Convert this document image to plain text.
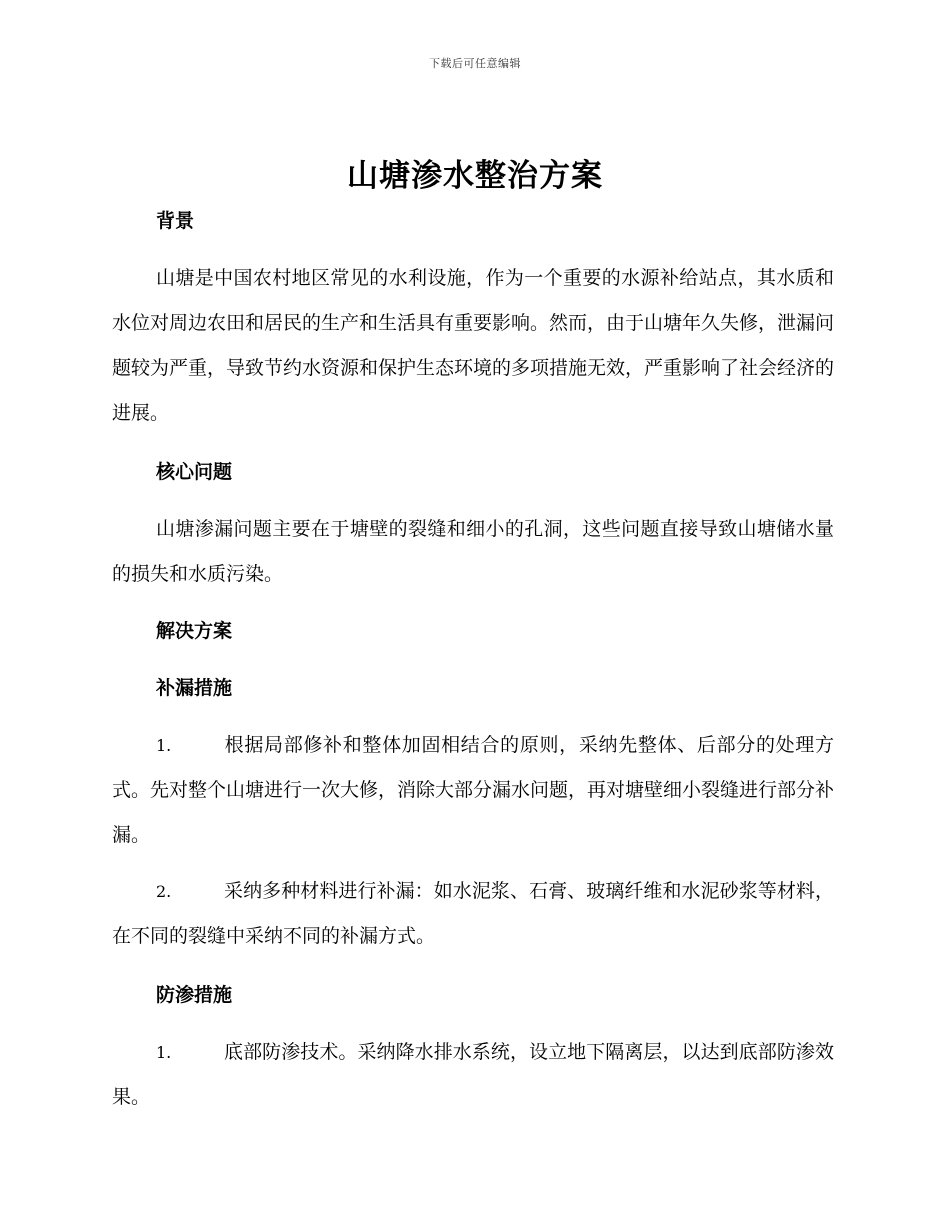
下载后可任意编辑
山塘渗水整治方案
背景
山塘是中国农村地区常见的水利设施，作为一个重要的水源补给站点，其水质和水位对周边农田和居民的生产和生活具有重要影响。然而，由于山塘年久失修，泄漏问题较为严重，导致节约水资源和保护生态环境的多项措施无效，严重影响了社会经济的进展。
核心问题
山塘渗漏问题主要在于塘壁的裂缝和细小的孔洞，这些问题直接导致山塘储水量的损失和水质污染。
解决方案
补漏措施
1.	根据局部修补和整体加固相结合的原则，采纳先整体、后部分的处理方式。先对整个山塘进行一次大修，消除大部分漏水问题，再对塘壁细小裂缝进行部分补漏。
2.	采纳多种材料进行补漏：如水泥浆、石膏、玻璃纤维和水泥砂浆等材料，在不同的裂缝中采纳不同的补漏方式。
防渗措施
1.	底部防渗技术。采纳降水排水系统，设立地下隔离层，以达到底部防渗效果。
